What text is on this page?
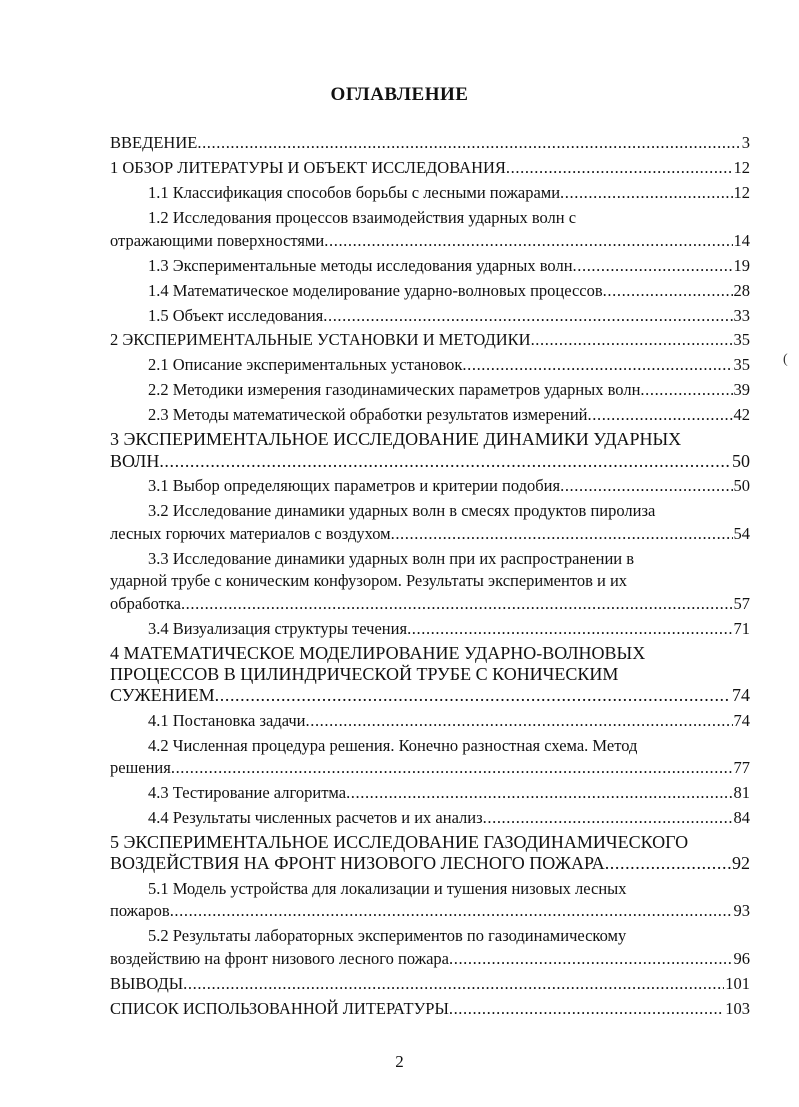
ОГЛАВЛЕНИЕ
ВВЕДЕНИЕ .....	3
1 ОБЗОР ЛИТЕРАТУРЫ И ОБЪЕКТ ИССЛЕДОВАНИЯ .....	12
1.1 Классификация способов борьбы с лесными пожарами .....	12
1.2 Исследования процессов взаимодействия ударных волн с
отражающими поверхностями .....	14
1.3 Экспериментальные методы исследования ударных волн .....	19
1.4 Математическое моделирование ударно-волновых процессов .....	28
1.5 Объект исследования .....	33
2 ЭКСПЕРИМЕНТАЛЬНЫЕ УСТАНОВКИ И МЕТОДИКИ .....	35
2.1 Описание экспериментальных установок .....	35
2.2 Методики измерения газодинамических параметров ударных волн .....	39
2.3 Методы математической обработки результатов измерений .....	42
3 ЭКСПЕРИМЕНТАЛЬНОЕ ИССЛЕДОВАНИЕ ДИНАМИКИ УДАРНЫХ
ВОЛН .....	50
3.1 Выбор определяющих параметров и критерии подобия .....	50
3.2 Исследование динамики ударных волн в смесях продуктов пиролиза
лесных горючих материалов с воздухом .....	54
3.3 Исследование динамики ударных волн при их распространении в
ударной трубе с коническим конфузором. Результаты экспериментов и их
обработка .....	57
3.4 Визуализация структуры течения .....	71
4 МАТЕМАТИЧЕСКОЕ МОДЕЛИРОВАНИЕ УДАРНО-ВОЛНОВЫХ
ПРОЦЕССОВ В ЦИЛИНДРИЧЕСКОЙ ТРУБЕ С КОНИЧЕСКИМ
СУЖЕНИЕМ .....	74
4.1 Постановка задачи .....	74
4.2 Численная процедура решения. Конечно разностная схема. Метод
решения .....	77
4.3 Тестирование алгоритма .....	81
4.4 Результаты численных расчетов и их анализ .....	84
5 ЭКСПЕРИМЕНТАЛЬНОЕ ИССЛЕДОВАНИЕ ГАЗОДИНАМИЧЕСКОГО
ВОЗДЕЙСТВИЯ НА ФРОНТ НИЗОВОГО ЛЕСНОГО ПОЖАРА .....	92
5.1 Модель устройства для локализации и тушения низовых лесных
пожаров .....	93
5.2 Результаты лабораторных экспериментов по газодинамическому
воздействию на фронт низового лесного пожара .....	96
ВЫВОДЫ .....	101
СПИСОК ИСПОЛЬЗОВАННОЙ ЛИТЕРАТУРЫ .....	103
(
2
